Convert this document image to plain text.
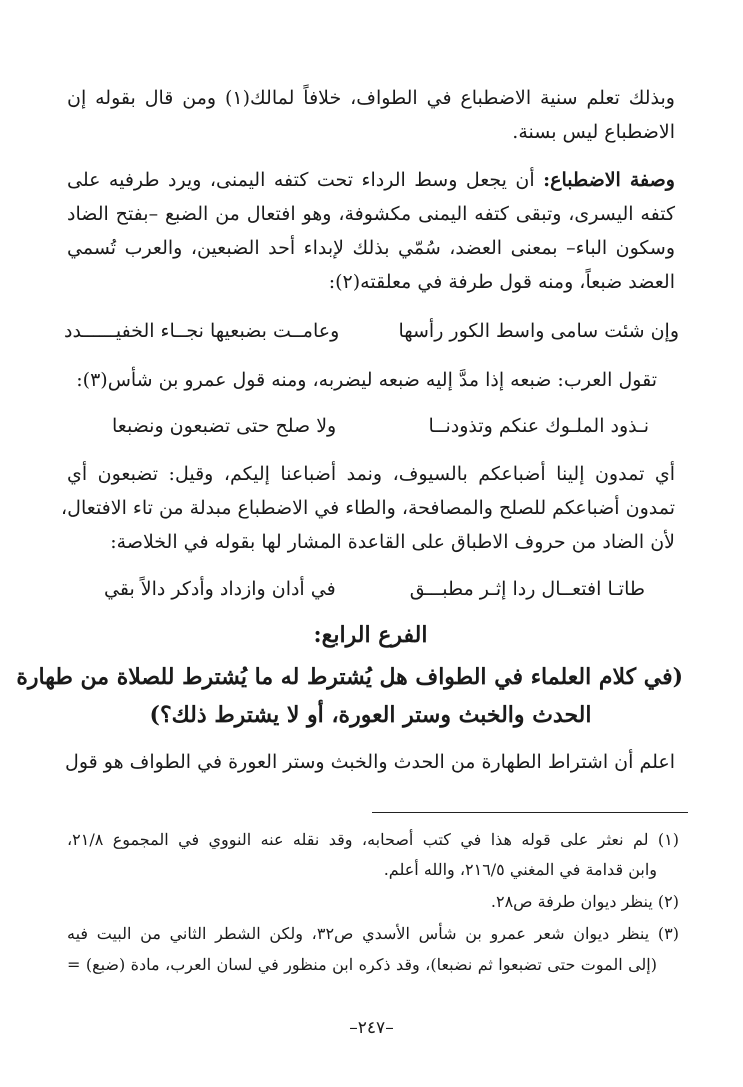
وبذلك تعلم سنية الاضطباع في الطواف، خلافاً لمالك(١) ومن قال بقوله إن
الاضطباع ليس بسنة.
وصفة الاضطباع: أن يجعل وسط الرداء تحت كتفه اليمنى، ويرد طرفيه على
كتفه اليسرى، وتبقى كتفه اليمنى مكشوفة، وهو افتعال من الضبع –بفتح الضاد
وسكون الباء– بمعنى العضد، سُمّي بذلك لإبداء أحد الضبعين، والعرب تُسمي
العضد ضبعاً، ومنه قول طرفة في معلقته(٢):
وإن شئت سامى واسط الكور رأسها
وعامــت بضبعيها نجــاء الخفيــــــدد
تقول العرب: ضبعه إذا مدَّ إليه ضبعه ليضربه، ومنه قول عمرو بن شأس(٣):
نـذود الملـوك عنكم وتذودنــا
ولا صلح حتى تضبعون ونضبعا
أي تمدون إلينا أضباعكم بالسيوف، ونمد أضباعنا إليكم، وقيل: تضبعون أي
تمدون أضباعكم للصلح والمصافحة، والطاء في الاضطباع مبدلة من تاء الافتعال،
لأن الضاد من حروف الاطباق على القاعدة المشار لها بقوله في الخلاصة:
طاتـا افتعــال ردا إثـر مطبـــق
في أدان وازداد وأدكر دالاً بقي
الفرع الرابع:
(في كلام العلماء في الطواف هل يُشترط له ما يُشترط للصلاة من طهارة
الحدث والخبث وستر العورة، أو لا يشترط ذلك؟)
اعلم أن اشتراط الطهارة من الحدث والخبث وستر العورة في الطواف هو قول
(١) لم نعثر على قوله هذا في كتب أصحابه، وقد نقله عنه النووي في المجموع ٢١/٨،
وابن قدامة في المغني ٢١٦/٥، والله أعلم.
(٢) ينظر ديوان طرفة ص٢٨.
(٣) ينظر ديوان شعر عمرو بن شأس الأسدي ص٣٢، ولكن الشطر الثاني من البيت فيه
(إلى الموت حتى تضبعوا ثم نضبعا)، وقد ذكره ابن منظور في لسان العرب، مادة (ضبع) =
–٢٤٧–
